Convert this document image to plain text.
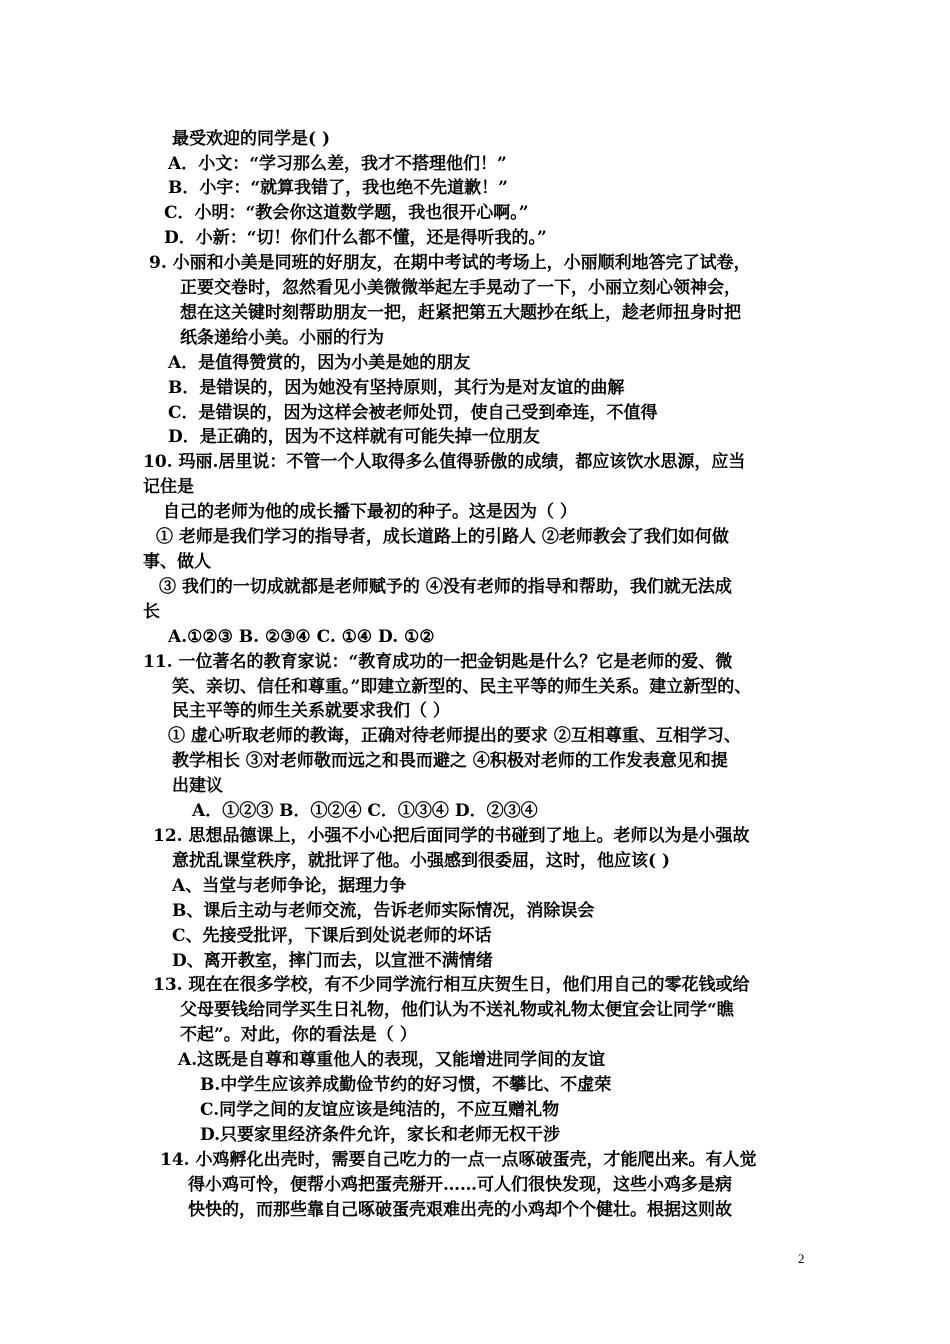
最受欢迎的同学是( )
A．小文：“学习那么差，我才不搭理他们！”
B．小宇：“就算我错了，我也绝不先道歉！”
C．小明：“教会你这道数学题，我也很开心啊。”
D．小新：“切！你们什么都不懂，还是得听我的。”
9. 小丽和小美是同班的好朋友，在期中考试的考场上，小丽顺利地答完了试卷，
正要交卷时，忽然看见小美微微举起左手晃动了一下，小丽立刻心领神会，
想在这关键时刻帮助朋友一把，赶紧把第五大题抄在纸上，趁老师扭身时把
纸条递给小美。小丽的行为
A．是值得赞赏的，因为小美是她的朋友
B．是错误的，因为她没有坚持原则，其行为是对友谊的曲解
C．是错误的，因为这样会被老师处罚，使自己受到牵连，不值得
D．是正确的，因为不这样就有可能失掉一位朋友
10. 玛丽.居里说：不管一个人取得多么值得骄傲的成绩，都应该饮水思源，应当
记住是
自己的老师为他的成长播下最初的种子。这是因为（ ）
① 老师是我们学习的指导者，成长道路上的引路人 ②老师教会了我们如何做
事、做人
③ 我们的一切成就都是老师赋予的 ④没有老师的指导和帮助，我们就无法成
长
A.①②③ B. ②③④ C. ①④ D. ①②
11. 一位著名的教育家说：“教育成功的一把金钥匙是什么？它是老师的爱、微
笑、亲切、信任和尊重。”即建立新型的、民主平等的师生关系。建立新型的、
民主平等的师生关系就要求我们（ ）
① 虚心听取老师的教诲，正确对待老师提出的要求 ②互相尊重、互相学习、
教学相长 ③对老师敬而远之和畏而避之 ④积极对老师的工作发表意见和提
出建议
A．①②③ B．①②④ C．①③④ D．②③④
12. 思想品德课上，小强不小心把后面同学的书碰到了地上。老师以为是小强故
意扰乱课堂秩序，就批评了他。小强感到很委屈，这时，他应该( )
A、当堂与老师争论，据理力争
B、课后主动与老师交流，告诉老师实际情况，消除误会
C、先接受批评，下课后到处说老师的坏话
D、离开教室，摔门而去，以宣泄不满情绪
13. 现在在很多学校，有不少同学流行相互庆贺生日，他们用自己的零花钱或给
父母要钱给同学买生日礼物，他们认为不送礼物或礼物太便宜会让同学“瞧
不起”。对此，你的看法是（ ）
A.这既是自尊和尊重他人的表现，又能增进同学间的友谊
B.中学生应该养成勤俭节约的好习惯，不攀比、不虚荣
C.同学之间的友谊应该是纯洁的，不应互赠礼物
D.只要家里经济条件允许，家长和老师无权干涉
14. 小鸡孵化出壳时，需要自己吃力的一点一点啄破蛋壳，才能爬出来。有人觉
得小鸡可怜，便帮小鸡把蛋壳掰开……可人们很快发现，这些小鸡多是病
快快的，而那些靠自己啄破蛋壳艰难出壳的小鸡却个个健壮。根据这则故
2
